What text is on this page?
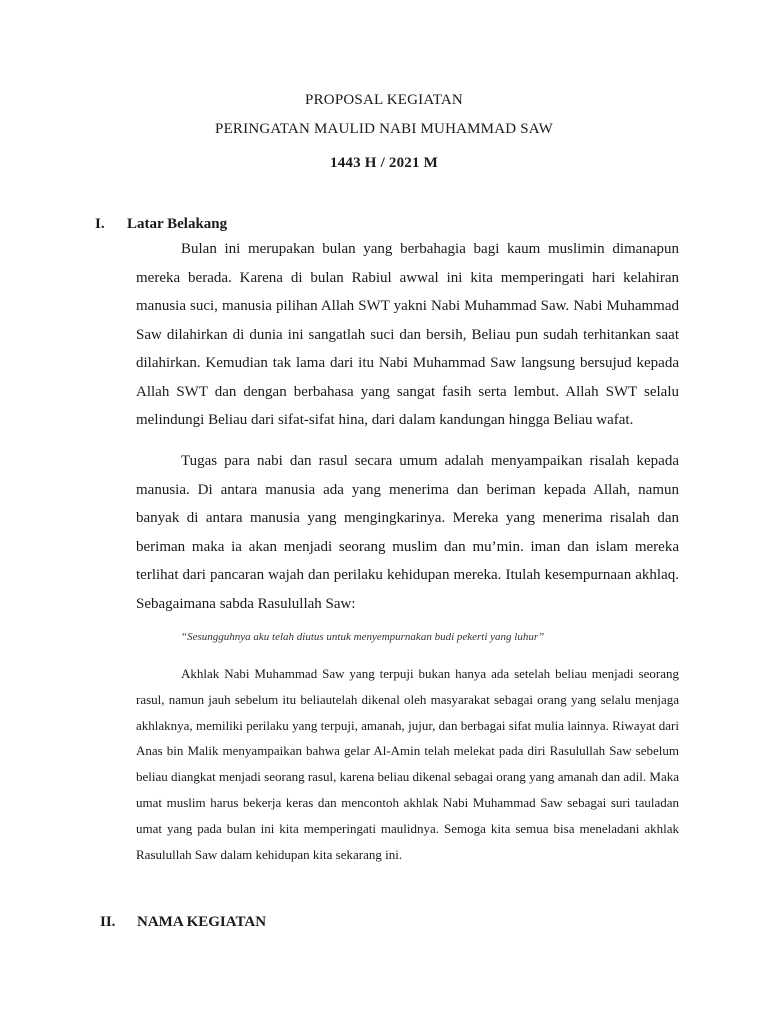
PROPOSAL KEGIATAN
PERINGATAN MAULID NABI MUHAMMAD SAW
1443 H / 2021 M
I.	Latar Belakang

Bulan ini merupakan bulan yang berbahagia bagi kaum muslimin dimanapun mereka berada. Karena di bulan Rabiul awwal ini kita memperingati hari kelahiran manusia suci, manusia pilihan Allah SWT yakni Nabi Muhammad Saw. Nabi Muhammad Saw dilahirkan di dunia ini sangatlah suci dan bersih, Beliau pun sudah terhitankan saat dilahirkan. Kemudian tak lama dari itu Nabi Muhammad Saw langsung bersujud kepada Allah SWT dan dengan berbahasa yang sangat fasih serta lembut. Allah SWT selalu melindungi Beliau dari sifat-sifat hina, dari dalam kandungan hingga Beliau wafat.

Tugas para nabi dan rasul secara umum adalah menyampaikan risalah kepada manusia. Di antara manusia ada yang menerima dan beriman kepada Allah, namun banyak di antara manusia yang mengingkarinya. Mereka yang menerima risalah dan beriman maka ia akan menjadi seorang muslim dan mu’min. iman dan islam mereka terlihat dari pancaran wajah dan perilaku kehidupan mereka. Itulah kesempurnaan akhlaq. Sebagaimana sabda Rasulullah Saw:

“Sesungguhnya aku telah diutus untuk menyempurnakan budi pekerti yang luhur”

Akhlak Nabi Muhammad Saw yang terpuji bukan hanya ada setelah beliau menjadi seorang rasul, namun jauh sebelum itu beliautelah dikenal oleh masyarakat sebagai orang yang selalu menjaga akhlaknya, memiliki perilaku yang terpuji, amanah, jujur, dan berbagai sifat mulia lainnya. Riwayat dari Anas bin Malik menyampaikan bahwa gelar Al-Amin telah melekat pada diri Rasulullah Saw sebelum beliau diangkat menjadi seorang rasul, karena beliau dikenal sebagai orang yang amanah dan adil. Maka umat muslim harus bekerja keras dan mencontoh akhlak Nabi Muhammad Saw sebagai suri tauladan umat yang pada bulan ini kita memperingati maulidnya. Semoga kita semua bisa meneladani akhlak Rasulullah Saw dalam kehidupan kita sekarang ini.

II.	NAMA KEGIATAN
